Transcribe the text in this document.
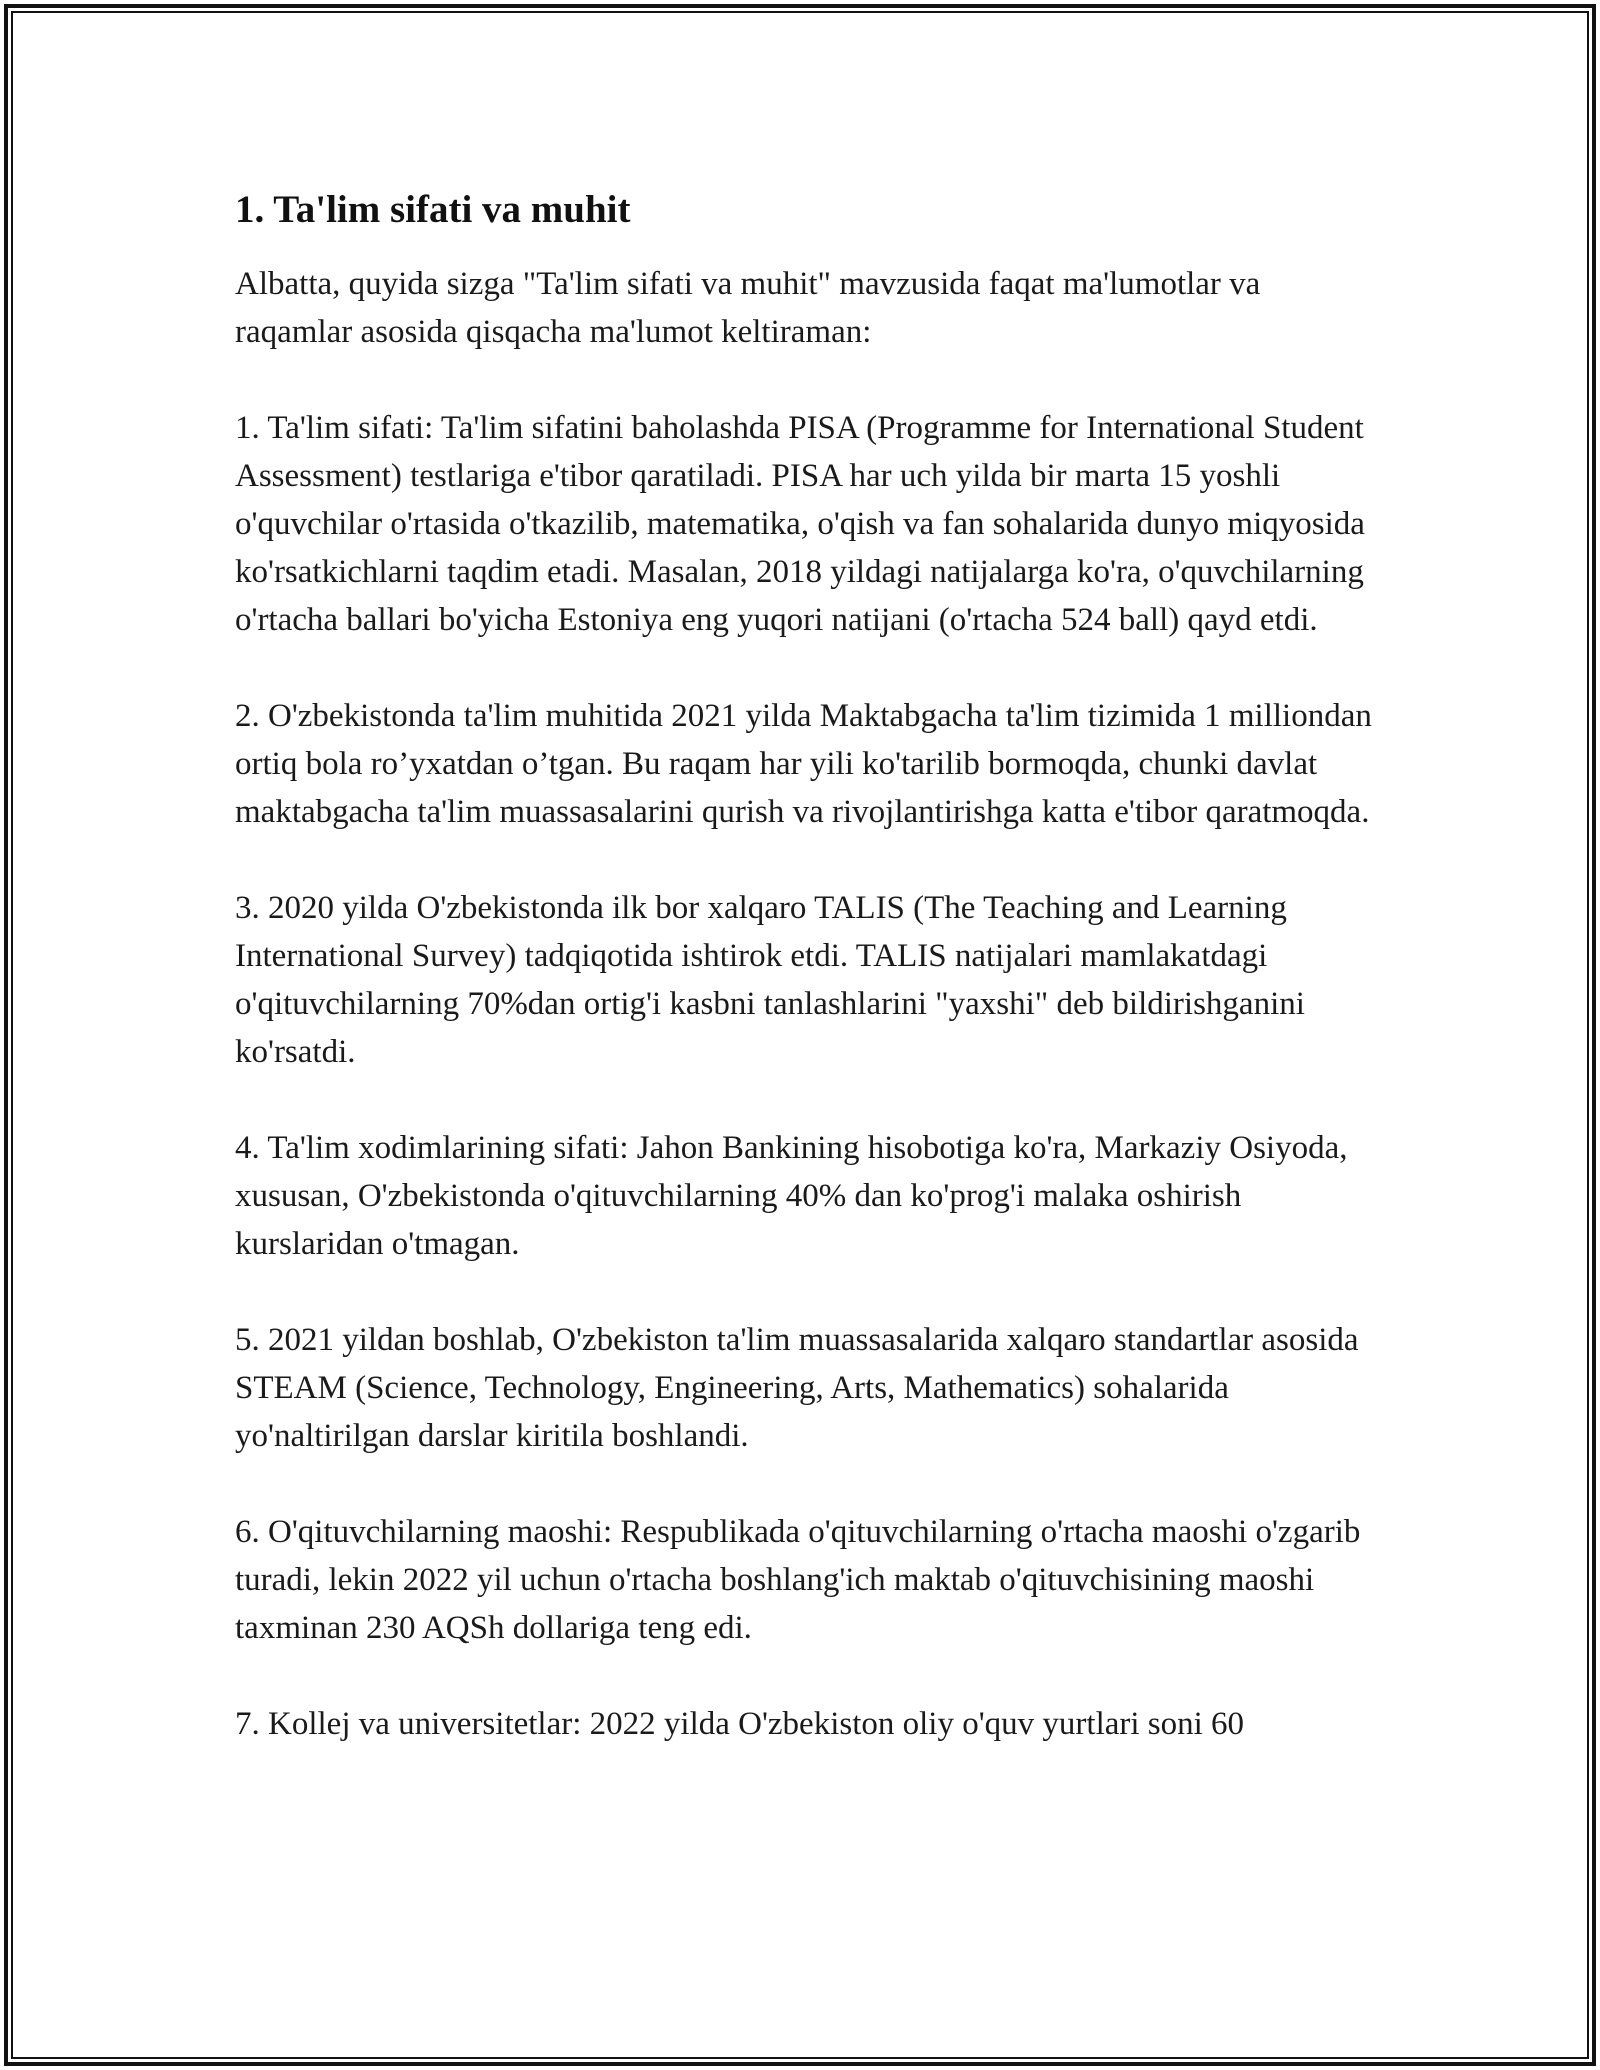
1. Ta'lim sifati va muhit

Albatta, quyida sizga "Ta'lim sifati va muhit" mavzusida faqat ma'lumotlar va raqamlar asosida qisqacha ma'lumot keltiraman:

1. Ta'lim sifati: Ta'lim sifatini baholashda PISA (Programme for International Student Assessment) testlariga e'tibor qaratiladi. PISA har uch yilda bir marta 15 yoshli o'quvchilar o'rtasida o'tkazilib, matematika, o'qish va fan sohalarida dunyo miqyosida ko'rsatkichlarni taqdim etadi. Masalan, 2018 yildagi natijalarga ko'ra, o'quvchilarning o'rtacha ballari bo'yicha Estoniya eng yuqori natijani (o'rtacha 524 ball) qayd etdi.

2. O'zbekistonda ta'lim muhitida 2021 yilda Maktabgacha ta'lim tizimida 1 milliondan ortiq bola ro’yxatdan o’tgan. Bu raqam har yili ko'tarilib bormoqda, chunki davlat maktabgacha ta'lim muassasalarini qurish va rivojlantirishga katta e'tibor qaratmoqda.

3. 2020 yilda O'zbekistonda ilk bor xalqaro TALIS (The Teaching and Learning International Survey) tadqiqotida ishtirok etdi. TALIS natijalari mamlakatdagi o'qituvchilarning 70%dan ortig'i kasbni tanlashlarini "yaxshi" deb bildirishganini ko'rsatdi.

4. Ta'lim xodimlarining sifati: Jahon Bankining hisobotiga ko'ra, Markaziy Osiyoda, xususan, O'zbekistonda o'qituvchilarning 40% dan ko'prog'i malaka oshirish kurslaridan o'tmagan.

5. 2021 yildan boshlab, O'zbekiston ta'lim muassasalarida xalqaro standartlar asosida STEAM (Science, Technology, Engineering, Arts, Mathematics) sohalarida yo'naltirilgan darslar kiritila boshlandi.

6. O'qituvchilarning maoshi: Respublikada o'qituvchilarning o'rtacha maoshi o'zgarib turadi, lekin 2022 yil uchun o'rtacha boshlang'ich maktab o'qituvchisining maoshi taxminan 230 AQSh dollariga teng edi.

7. Kollej va universitetlar: 2022 yilda O'zbekiston oliy o'quv yurtlari soni 60
